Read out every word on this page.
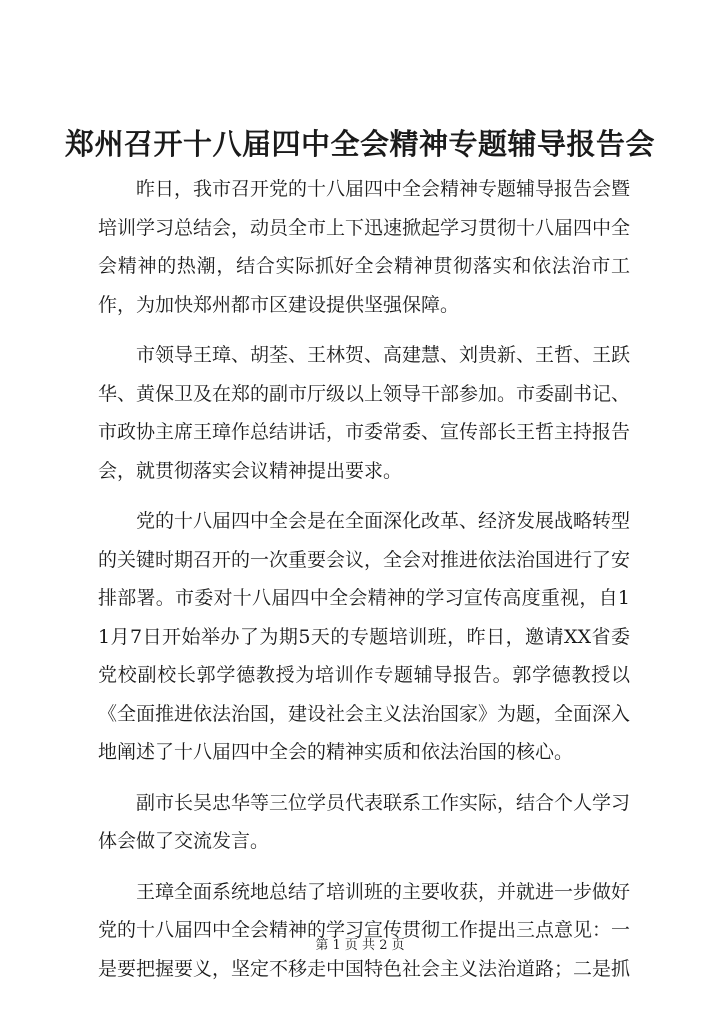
郑州召开十八届四中全会精神专题辅导报告会

昨日，我市召开党的十八届四中全会精神专题辅导报告会暨培训学习总结会，动员全市上下迅速掀起学习贯彻十八届四中全会精神的热潮，结合实际抓好全会精神贯彻落实和依法治市工作，为加快郑州都市区建设提供坚强保障。

市领导王璋、胡荃、王林贺、高建慧、刘贵新、王哲、王跃华、黄保卫及在郑的副市厅级以上领导干部参加。市委副书记、市政协主席王璋作总结讲话，市委常委、宣传部长王哲主持报告会，就贯彻落实会议精神提出要求。

党的十八届四中全会是在全面深化改革、经济发展战略转型的关键时期召开的一次重要会议，全会对推进依法治国进行了安排部署。市委对十八届四中全会精神的学习宣传高度重视，自11月7日开始举办了为期5天的专题培训班，昨日，邀请XX省委党校副校长郭学德教授为培训作专题辅导报告。郭学德教授以《全面推进依法治国，建设社会主义法治国家》为题，全面深入地阐述了十八届四中全会的精神实质和依法治国的核心。

副市长吴忠华等三位学员代表联系工作实际，结合个人学习体会做了交流发言。

王璋全面系统地总结了培训班的主要收获，并就进一步做好党的十八届四中全会精神的学习宣传贯彻工作提出三点意见：一是要把握要义，坚定不移走中国特色社会主义法治道路；二是抓

第 1 页 共 2 页
